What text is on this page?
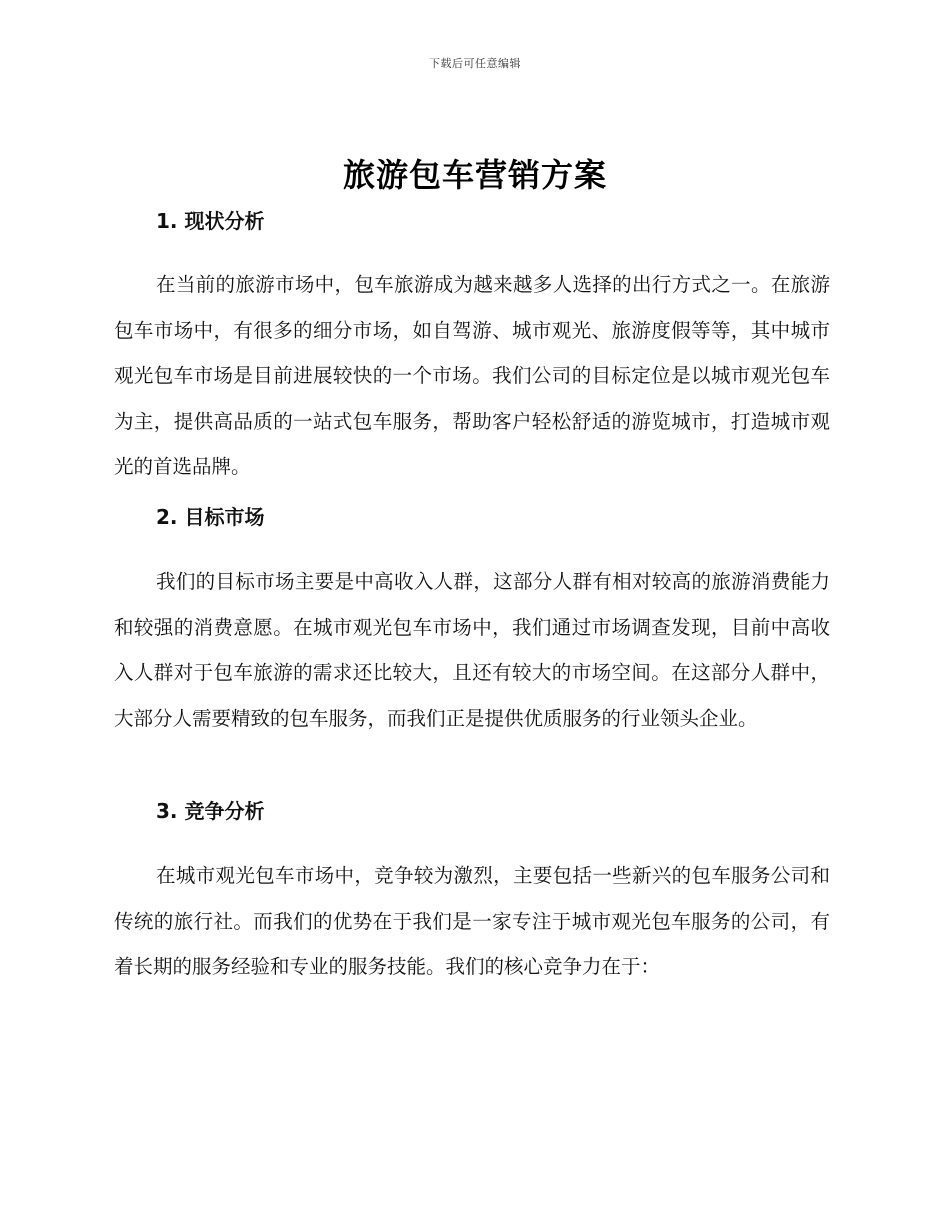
下载后可任意编辑
旅游包车营销方案
1. 现状分析

在当前的旅游市场中，包车旅游成为越来越多人选择的出行方式之一。在旅游包车市场中，有很多的细分市场，如自驾游、城市观光、旅游度假等等，其中城市观光包车市场是目前进展较快的一个市场。我们公司的目标定位是以城市观光包车为主，提供高品质的一站式包车服务，帮助客户轻松舒适的游览城市，打造城市观光的首选品牌。

2. 目标市场

我们的目标市场主要是中高收入人群，这部分人群有相对较高的旅游消费能力和较强的消费意愿。在城市观光包车市场中，我们通过市场调查发现，目前中高收入人群对于包车旅游的需求还比较大，且还有较大的市场空间。在这部分人群中，大部分人需要精致的包车服务，而我们正是提供优质服务的行业领头企业。

3. 竞争分析

在城市观光包车市场中，竞争较为激烈，主要包括一些新兴的包车服务公司和传统的旅行社。而我们的优势在于我们是一家专注于城市观光包车服务的公司，有着长期的服务经验和专业的服务技能。我们的核心竞争力在于：
